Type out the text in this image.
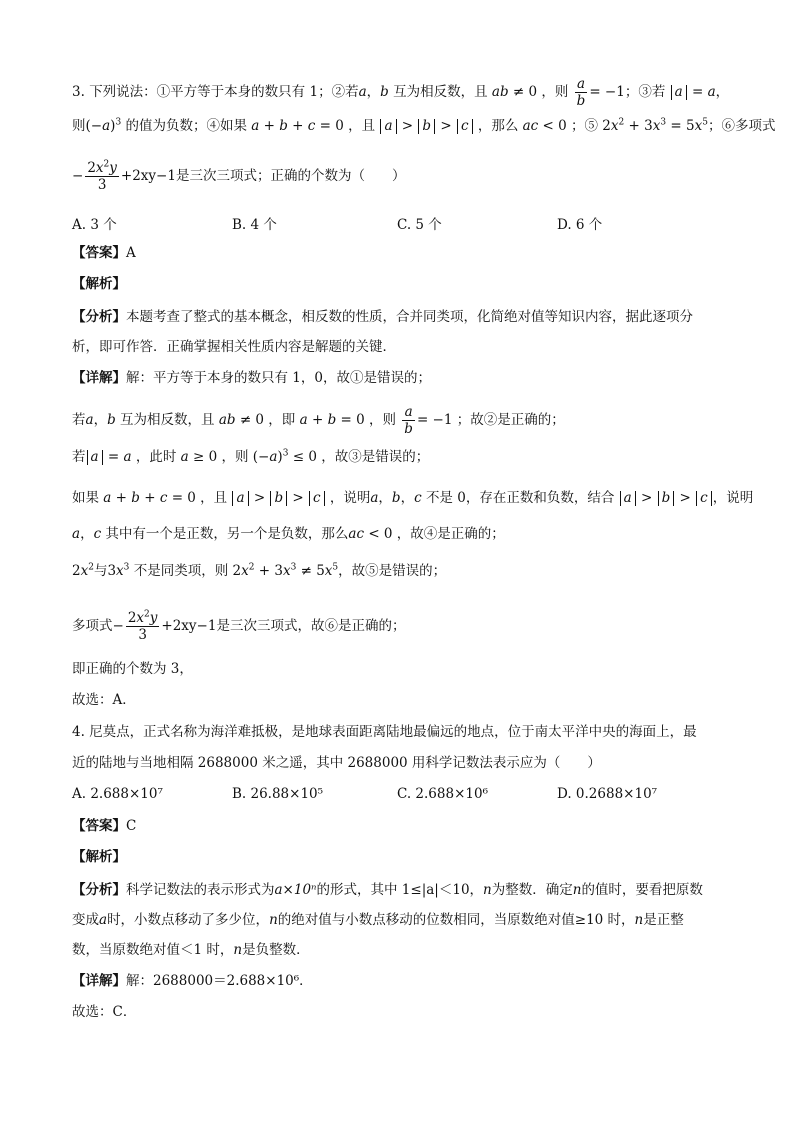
3. 下列说法：①平方等于本身的数只有 1；②若a，b 互为相反数，且 ab ≠ 0 ，则 $\frac{a}{b} = -1$；③若 a = a，
则$(-a)^3$ 的值为负数；④如果 a + b + c = 0 ，且 a > b > c ，那么 ac < 0 ；⑤ $2x^2 + 3x^3 = 5x^5$；⑥多项式
− $\frac{2x^2y}{3} +2xy-1$是三次三项式；正确的个数为（　　）
A. 3 个	B. 4 个	C. 5 个	D. 6 个
【答案】A
【解析】
【分析】本题考查了整式的基本概念，相反数的性质，合并同类项，化简绝对值等知识内容，据此逐项分
析，即可作答．正确掌握相关性质内容是解题的关键．
【详解】解：平方等于本身的数只有 1，0，故①是错误的；
若a，b 互为相反数，且 ab ≠ 0 ，即 a + b = 0 ，则 $\frac{a}{b} = -1$ ；故②是正确的；
若 a = a ，此时 a ≥ 0 ，则 $(-a)^3 \le 0$ ，故③是错误的；
如果 a + b + c = 0 ，且 a > b > c ，说明a，b，c 不是 0，存在正数和负数，结合 a > b > c ，说明
a，c 其中有一个是正数，另一个是负数，那么ac < 0 ，故④是正确的；
$2x^2$与$3x^3$ 不是同类项，则 $2x^2 + 3x^3 \ne 5x^5$，故⑤是错误的；
多项式− $\frac{2x^2y}{3} +2xy-1$是三次三项式，故⑥是正确的；
即正确的个数为 3，
故选：A．
4. 尼莫点，正式名称为海洋难抵极，是地球表面距离陆地最偏远的地点，位于南太平洋中央的海面上，最
近的陆地与当地相隔 2688000 米之遥，其中 2688000 用科学记数法表示应为（　　）
A. 2.688×10⁷	B. 26.88×10⁵	C. 2.688×10⁶	D. 0.2688×10⁷
【答案】C
【解析】
【分析】科学记数法的表示形式为a×10ⁿ的形式，其中 1≤|a|＜10，n为整数．确定n的值时，要看把原数
变成a时，小数点移动了多少位，n的绝对值与小数点移动的位数相同，当原数绝对值≥10 时，n是正整
数，当原数绝对值＜1 时，n是负整数．
【详解】解：2688000＝2.688×10⁶．
故选：C．
